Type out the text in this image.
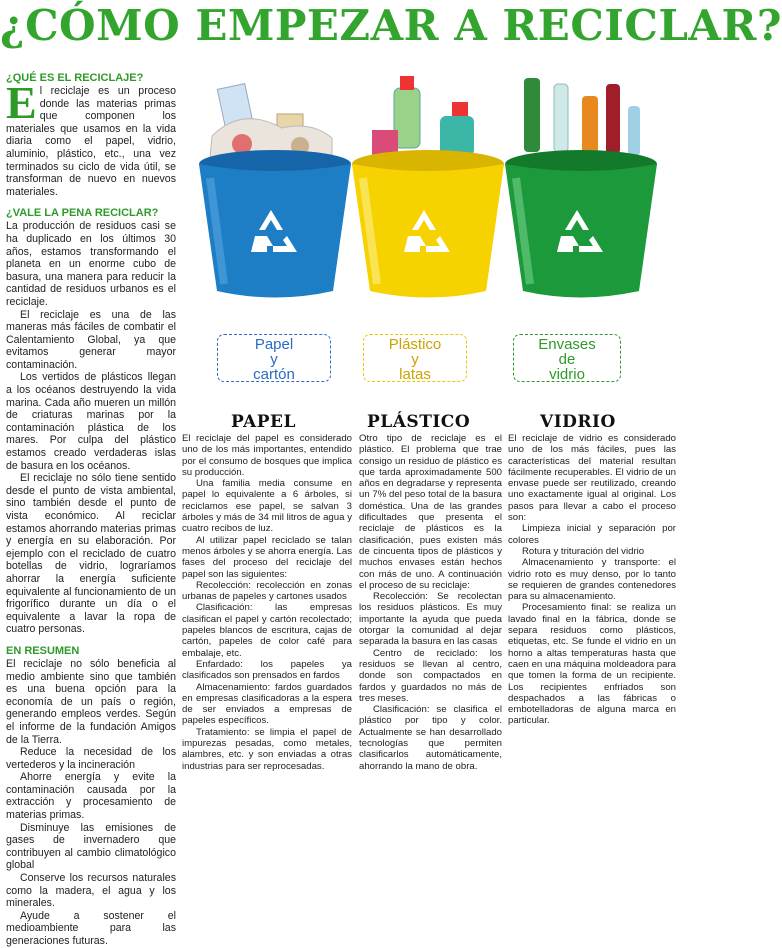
¿CÓMO EMPEZAR A RECICLAR?
¿QUÉ ES EL RECICLAJE?
E l reciclaje es un proceso donde las materias primas que componen los materiales que usamos en la vida diaria como el papel, vidrio, aluminio, plástico, etc., una vez terminados su ciclo de vida útil, se transforman de nuevo en nuevos materiales.

¿VALE LA PENA RECICLAR?

La producción de residuos casi se ha duplicado en los últimos 30 años, estamos transformando el planeta en un enorme cubo de basura, una manera para reducir la cantidad de residuos urbanos es el reciclaje.

El reciclaje es una de las maneras más fáciles de combatir el Calentamiento Global, ya que evitamos generar mayor contaminación.

Los vertidos de plásticos llegan a los océanos destruyendo la vida marina. Cada año mueren un millón de criaturas marinas por la contaminación plástica de los mares. Por culpa del plástico estamos creado verdaderas islas de basura en los océanos.

El reciclaje no sólo tiene sentido desde el punto de vista ambiental, sino también desde el punto de vista económico. Al reciclar estamos ahorrando materias primas y energía en su elaboración. Por ejemplo con el reciclado de cuatro botellas de vidrio, lograríamos ahorrar la energía suficiente equivalente al funcionamiento de un frigorífico durante un día o el equivalente a lavar la ropa de cuatro personas.

EN RESUMEN

El reciclaje no sólo beneficia al medio ambiente sino que también es una buena opción para la economía de un país o región, generando empleos verdes. Según el informe de la fundación Amigos de la Tierra.

Reduce la necesidad de los vertederos y la incineración

Ahorre energía y evite la contaminación causada por la extracción y procesamiento de materias primas.

Disminuye las emisiones de gases de invernadero que contribuyen al cambio climatológico global

Conserve los recursos naturales como la madera, el agua y los minerales.

Ayude a sostener el medioambiente para las generaciones futuras.

Papel
y
cartón
Plástico
y
latas
Envases
de
vidrio
PAPEL	PLÁSTICO	VIDRIO

El reciclaje del papel es considerado uno de los más importantes, entendido por el consumo de bosques que implica su producción.

Una familia media consume en papel lo equivalente a 6 árboles, si reciclamos ese papel, se salvan 3 árboles y más de 34 mil litros de agua y cuatro recibos de luz.

Al utilizar papel reciclado se talan menos árboles y se ahorra energía. Las fases del proceso del reciclaje del papel son las siguientes:

Recolección: recolección en zonas urbanas de papeles y cartones usados

Clasificación: las empresas clasifican el papel y cartón recolectado; papeles blancos de escritura, cajas de cartón, papeles de color café para embalaje, etc.

Enfardado: los papeles ya clasificados son prensados en fardos

Almacenamiento: fardos guardados en empresas clasificadoras a la espera de ser enviados a empresas de papeles específicos.

Tratamiento: se limpia el papel de impurezas pesadas, como metales, alambres, etc. y son enviadas a otras industrias para ser reprocesadas.

Otro tipo de reciclaje es el plástico. El problema que trae consigo un residuo de plástico es que tarda aproximadamente 500 años en degradarse y representa un 7% del peso total de la basura doméstica. Una de las grandes dificultades que presenta el reciclaje de plásticos es la clasificación, pues existen más de cincuenta tipos de plásticos y muchos envases están hechos con más de uno. A continuación el proceso de su reciclaje:

Recolección: Se recolectan los residuos plásticos. Es muy importante la ayuda que pueda otorgar la comunidad al dejar separada la basura en las casas

Centro de reciclado: los residuos se llevan al centro, donde son compactados en fardos y guardados no más de tres meses.

Clasificación: se clasifica el plástico por tipo y color. Actualmente se han desarrollado tecnologías que permiten clasificarlos automáticamente, ahorrando la mano de obra.

El reciclaje de vidrio es considerado uno de los más fáciles, pues las características del material resultan fácilmente recuperables. El vidrio de un envase puede ser reutilizado, creando uno exactamente igual al original. Los pasos para llevar a cabo el proceso son:

Limpieza inicial y separación por colores

Rotura y trituración del vidrio

Almacenamiento y transporte: el vidrio roto es muy denso, por lo tanto se requieren de grandes contenedores para su almacenamiento.

Procesamiento final: se realiza un lavado final en la fábrica, donde se separa residuos como plásticos, etiquetas, etc. Se funde el vidrio en un horno a altas temperaturas hasta que caen en una máquina moldeadora para que tomen la forma de un recipiente. Los recipientes enfriados son despachados a las fábricas o embotelladoras de alguna marca en particular.
